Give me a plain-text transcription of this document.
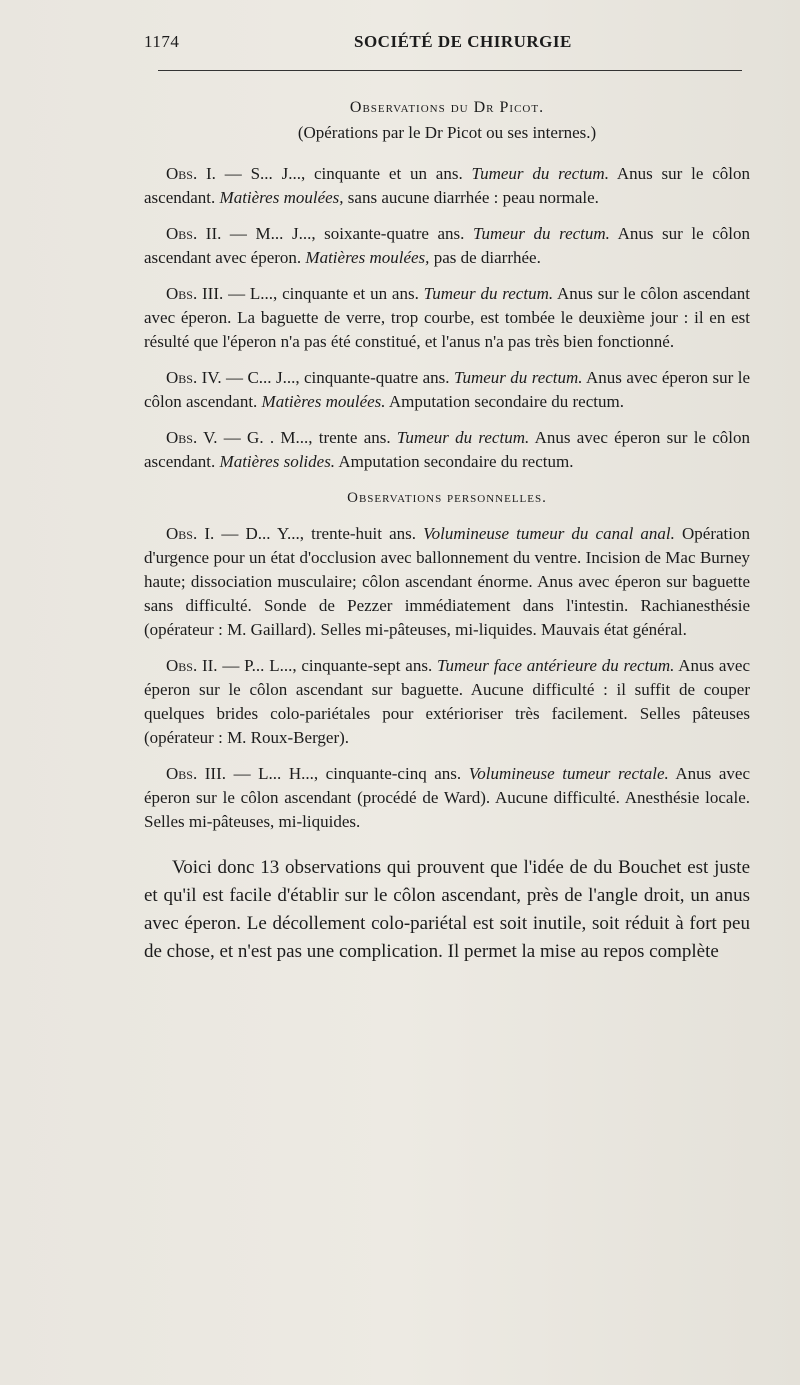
1174	SOCIÉTÉ DE CHIRURGIE
Observations du Dr Picot.
(Opérations par le Dr Picot ou ses internes.)

Obs. I. — S... J..., cinquante et un ans. Tumeur du rectum. Anus sur le côlon ascendant. Matières moulées, sans aucune diarrhée : peau normale.

Obs. II. — M... J..., soixante-quatre ans. Tumeur du rectum. Anus sur le côlon ascendant avec éperon. Matières moulées, pas de diarrhée.

Obs. III. — L..., cinquante et un ans. Tumeur du rectum. Anus sur le côlon ascendant avec éperon. La baguette de verre, trop courbe, est tombée le deuxième jour : il en est résulté que l'éperon n'a pas été constitué, et l'anus n'a pas très bien fonctionné.

Obs. IV. — C... J..., cinquante-quatre ans. Tumeur du rectum. Anus avec éperon sur le côlon ascendant. Matières moulées. Amputation secondaire du rectum.

Obs. V. — G. . M..., trente ans. Tumeur du rectum. Anus avec éperon sur le côlon ascendant. Matières solides. Amputation secondaire du rectum.

Observations personnelles.

Obs. I. — D... Y..., trente-huit ans. Volumineuse tumeur du canal anal. Opération d'urgence pour un état d'occlusion avec ballonnement du ventre. Incision de Mac Burney haute; dissociation musculaire; côlon ascendant énorme. Anus avec éperon sur baguette sans difficulté. Sonde de Pezzer immédiatement dans l'intestin. Rachianesthésie (opérateur : M. Gaillard). Selles mi-pâteuses, mi-liquides. Mauvais état général.

Obs. II. — P... L..., cinquante-sept ans. Tumeur face antérieure du rectum. Anus avec éperon sur le côlon ascendant sur baguette. Aucune difficulté : il suffit de couper quelques brides colo-pariétales pour extérioriser très facilement. Selles pâteuses (opérateur : M. Roux-Berger).

Obs. III. — L... H..., cinquante-cinq ans. Volumineuse tumeur rectale. Anus avec éperon sur le côlon ascendant (procédé de Ward). Aucune difficulté. Anesthésie locale. Selles mi-pâteuses, mi-liquides.

Voici donc 13 observations qui prouvent que l'idée de du Bouchet est juste et qu'il est facile d'établir sur le côlon ascendant, près de l'angle droit, un anus avec éperon. Le décollement colo-pariétal est soit inutile, soit réduit à fort peu de chose, et n'est pas une complication. Il permet la mise au repos complète
